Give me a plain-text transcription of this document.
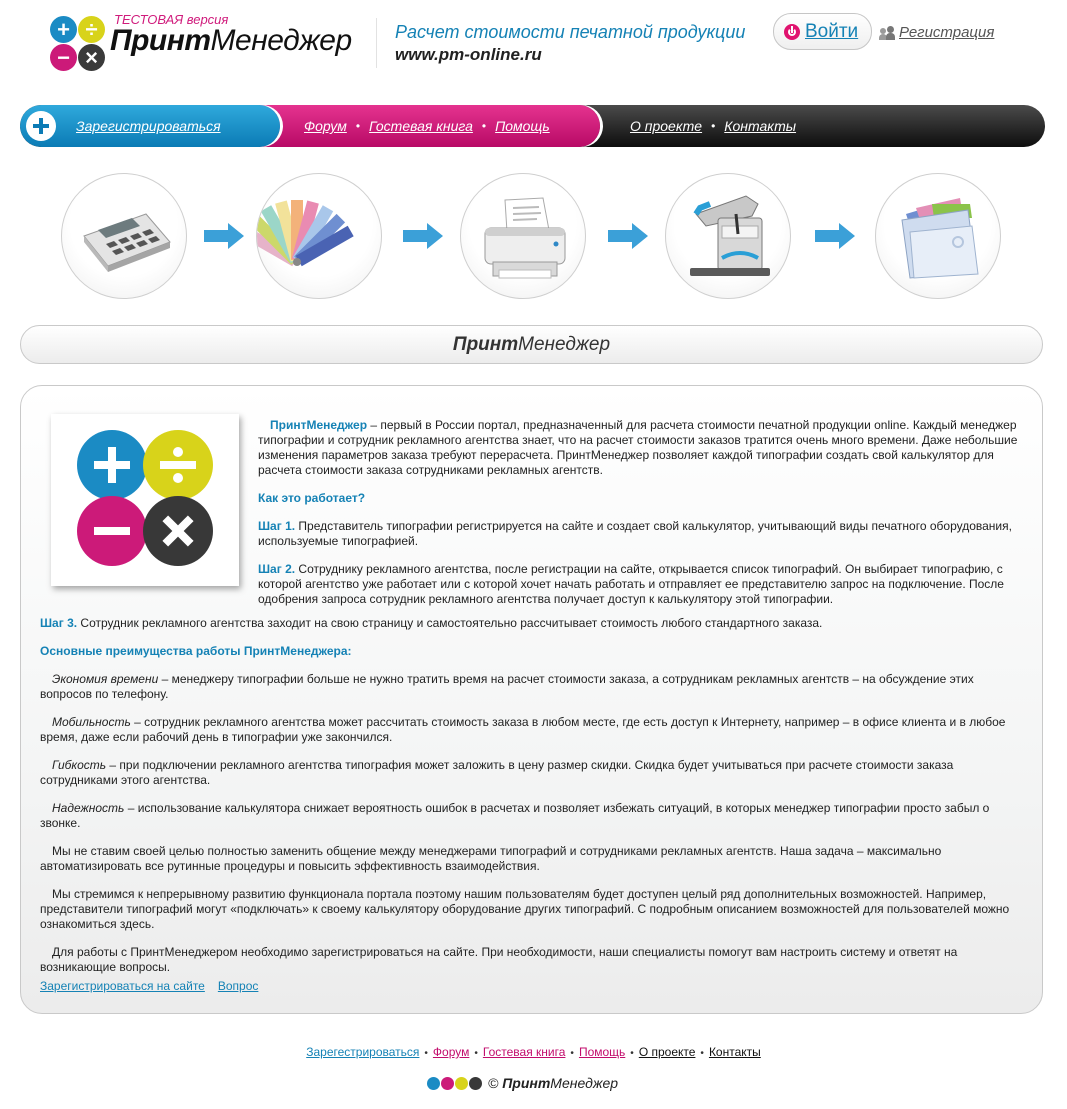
+ ÷
− ×
ТЕСТОВАЯ версия
ПринтМенеджер Расчет стоимости печатной продукции
www.pm-online.ru
Войти	Регистрация
Зарегистрироваться	Форум • Гостевая книга • Помощь	О проекте • Контакты
ПринтМенеджер

ПринтМенеджер – первый в России портал, предназначенный для расчета стоимости печатной продукции online. Каждый менеджер типографии и сотрудник рекламного агентства знает, что на расчет стоимости заказов тратится очень много времени. Даже небольшие изменения параметров заказа требуют перерасчета. ПринтМенеджер позволяет каждой типографии создать свой калькулятор для расчета стоимости заказа сотрудниками рекламных агентств.

Как это работает?

Шаг 1. Представитель типографии регистрируется на сайте и создает свой калькулятор, учитывающий виды печатного оборудования, используемые типографией.

Шаг 2. Сотруднику рекламного агентства, после регистрации на сайте, открывается список типографий. Он выбирает типографию, с которой агентство уже работает или с которой хочет начать работать и отправляет ее представителю запрос на подключение. После одобрения запроса сотрудник рекламного агентства получает доступ к калькулятору этой типографии.

Шаг 3. Сотрудник рекламного агентства заходит на свою страницу и самостоятельно рассчитывает стоимость любого стандартного заказа.

Основные преимущества работы ПринтМенеджера:

Экономия времени – менеджеру типографии больше не нужно тратить время на расчет стоимости заказа, а сотрудникам рекламных агентств – на обсуждение этих вопросов по телефону.

Мобильность – сотрудник рекламного агентства может рассчитать стоимость заказа в любом месте, где есть доступ к Интернету, например – в офисе клиента и в любое время, даже если рабочий день в типографии уже закончился.

Гибкость – при подключении рекламного агентства типография может заложить в цену размер скидки. Скидка будет учитываться при расчете стоимости заказа сотрудниками этого агентства.

Надежность – использование калькулятора снижает вероятность ошибок в расчетах и позволяет избежать ситуаций, в которых менеджер типографии просто забыл о звонке.

Мы не ставим своей целью полностью заменить общение между менеджерами типографий и сотрудниками рекламных агентств. Наша задача – максимально автоматизировать все рутинные процедуры и повысить эффективность взаимодействия.

Мы стремимся к непрерывному развитию функционала портала поэтому нашим пользователям будет доступен целый ряд дополнительных возможностей. Например, представители типографий могут «подключать» к своему калькулятору оборудование других типографий. С подробным описанием возможностей для пользователей можно ознакомиться здесь.

Для работы с ПринтМенеджером необходимо зарегистрироваться на сайте. При необходимости, наши специалисты помогут вам настроить систему и ответят на возникающие вопросы.

Зарегистрироваться на сайте Вопрос
Зарегестрироваться • Форум • Гостевая книга • Помощь • О проекте • Контакты
© ПринтМенеджер
